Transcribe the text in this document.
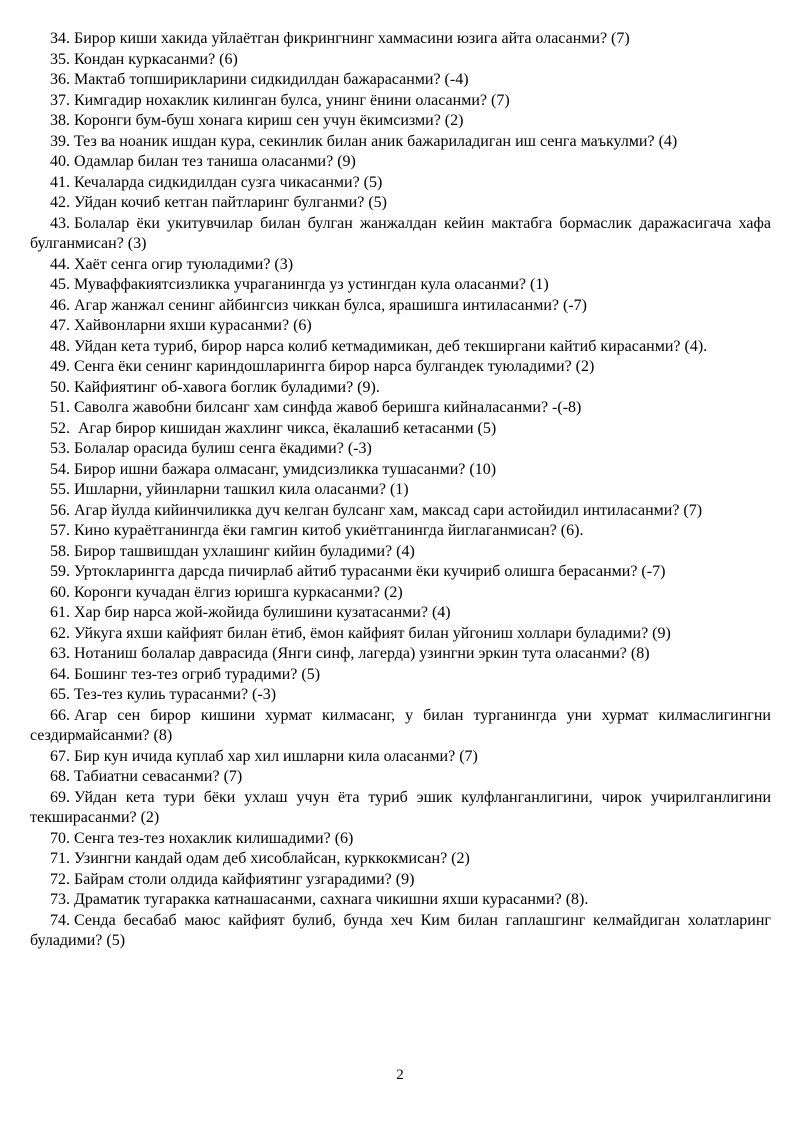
34. Бирор киши хакида уйлаётган фикрингнинг хаммасини юзига айта оласанми? (7)

35. Кондан куркасанми? (6)

36. Мактаб топширикларини сидкидилдан бажарасанми? (-4)

37. Кимгадир нохаклик килинган булса, унинг ёнини оласанми? (7)

38. Коронги бум-буш хонага кириш сен учун ёкимсизми? (2)

39. Тез ва ноаник ишдан кура, секинлик билан аник бажариладиган иш сенга маъкулми? (4)

40. Одамлар билан тез таниша оласанми? (9)

41. Кечаларда сидкидилдан сузга чикасанми? (5)

42. Уйдан кочиб кетган пайтларинг булганми? (5)

43. Болалар ёки укитувчилар билан булган жанжалдан кейин мактабга бормаслик даражасигача хафа булганмисан? (3)

44. Хаёт сенга огир туюладими? (3)

45. Муваффакиятсизликка учраганингда уз устингдан кула оласанми? (1)

46. Агар жанжал сенинг айбингсиз чиккан булса, ярашишга интиласанми? (-7)

47. Хайвонларни яхши курасанми? (6)

48. Уйдан кета туриб, бирор нарса колиб кетмадимикан, деб текширгани кайтиб кирасанми? (4).

49. Сенга ёки сенинг кариндошларингга бирор нарса булгандек туюладими? (2)

50. Кайфиятинг об-хавога боглик буладими? (9).

51. Саволга жавобни билсанг хам синфда жавоб беришга кийналасанми? -(-8)

52. Агар бирор кишидан жахлинг чикса, ёкалашиб кетасанми (5)

53. Болалар орасида булиш сенга ёкадими? (-3)

54. Бирор ишни бажара олмасанг, умидсизликка тушасанми? (10)

55. Ишларни, уйинларни ташкил кила оласанми? (1)

56. Агар йулда кийинчиликка дуч келган булсанг хам, максад сари астойидил интиласанми? (7)

57. Кино кураётганингда ёки гамгин китоб укиётганингда йиглаганмисан? (6).

58. Бирор ташвишдан ухлашинг кийин буладими? (4)

59. Уртокларингга дарсда пичирлаб айтиб турасанми ёки кучириб олишга берасанми? (-7)

60. Коронги кучадан ёлгиз юришга куркасанми? (2)

61. Хар бир нарса жой-жойида булишини кузатасанми? (4)

62. Уйкуга яхши кайфият билан ётиб, ёмон кайфият билан уйгониш холлари буладими? (9)

63. Нотаниш болалар даврасида (Янги синф, лагерда) узингни эркин тута оласанми? (8)

64. Бошинг тез-тез огриб турадими? (5)

65. Тез-тез кулиь турасанми? (-3)

66. Агар сен бирор кишини хурмат килмасанг, у билан турганингда уни хурмат килмаслигингни сездирмайсанми? (8)

67. Бир кун ичида куплаб хар хил ишларни кила оласанми? (7)

68. Табиатни севасанми? (7)

69. Уйдан кета тури бёки ухлаш учун ёта туриб эшик кулфланганлигини, чирок учирилганлигини текширасанми? (2)

70. Сенга тез-тез нохаклик килишадими? (6)

71. Узингни кандай одам деб хисоблайсан, курккокмисан? (2)

72. Байрам столи олдида кайфиятинг узгарадими? (9)

73. Драматик тугаракка катнашасанми, сахнага чикишни яхши курасанми? (8).

74. Сенда бесабаб маюс кайфият булиб, бунда хеч Ким билан гаплашгинг келмайдиган холатларинг буладими? (5)

2
